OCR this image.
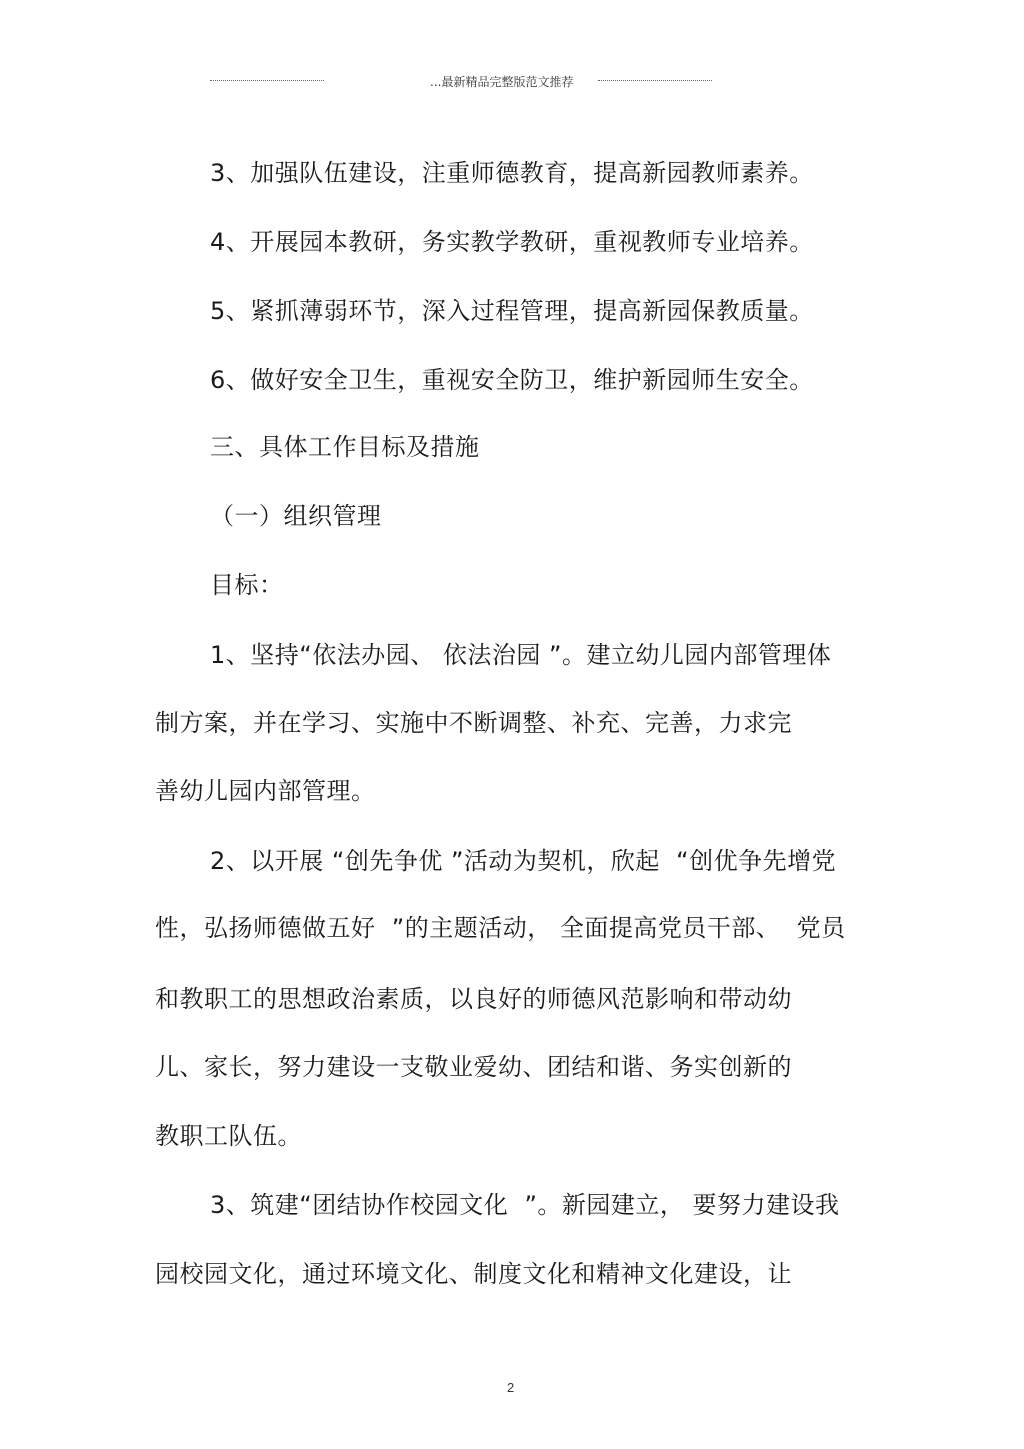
...最新精品完整版范文推荐
3、加强队伍建设，注重师德教育，提高新园教师素养。
4、开展园本教研，务实教学教研，重视教师专业培养。
5、紧抓薄弱环节，深入过程管理，提高新园保教质量。
6、做好安全卫生，重视安全防卫，维护新园师生安全。
三、具体工作目标及措施
（一）组织管理
目标：
1、坚持“依法办园、 依法治园 ”。建立幼儿园内部管理体
制方案，并在学习、实施中不断调整、补充、完善，力求完
善幼儿园内部管理。
2、以开展 “创先争优 ”活动为契机，欣起  “创优争先增党
性，弘扬师德做五好  ”的主题活动， 全面提高党员干部、  党员
和教职工的思想政治素质，以良好的师德风范影响和带动幼
儿、家长，努力建设一支敬业爱幼、团结和谐、务实创新的
教职工队伍。
3、筑建“团结协作校园文化  ”。新园建立， 要努力建设我
园校园文化，通过环境文化、制度文化和精神文化建设，让
2
